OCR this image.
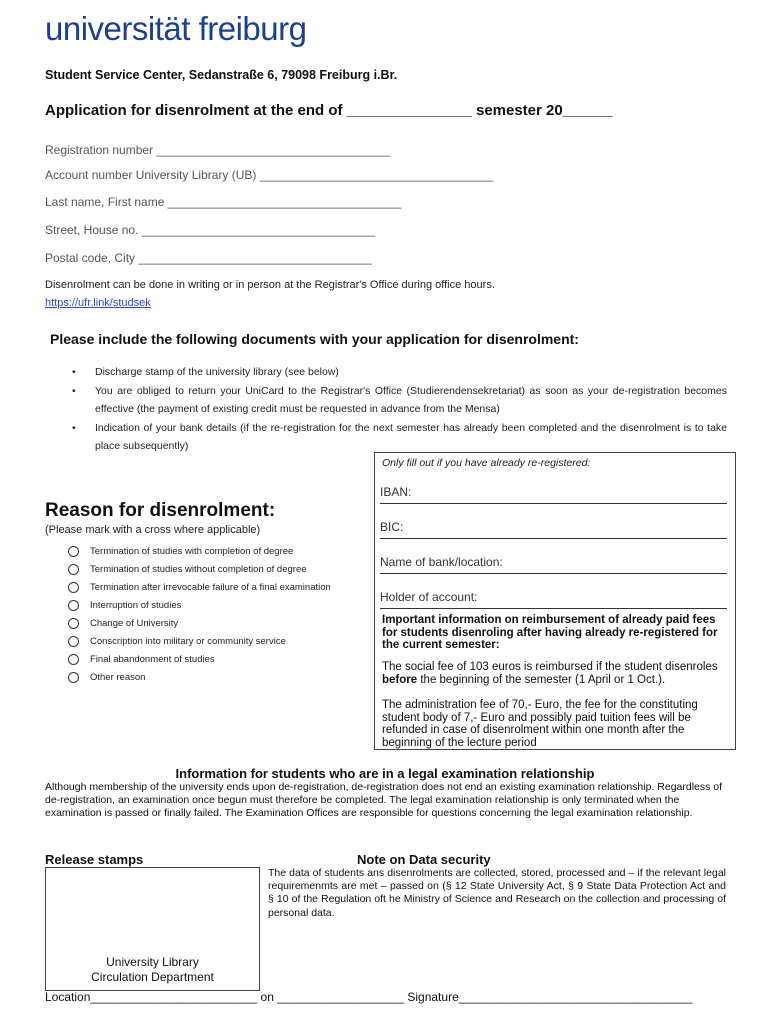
universität freiburg
Student Service Center, Sedanstraße 6, 79098 Freiburg i.Br.
Application for disenrolment at the end of _______________ semester 20______
Registration number ___________________________________
Account number University Library (UB) ___________________________________
Last name, First name ___________________________________
Street, House no. ___________________________________
Postal code, City ___________________________________
Disenrolment can be done in writing or in person at the Registrar's Office during office hours.
https://ufr.link/studsek
Please include the following documents with your application for disenrolment:
• Discharge stamp of the university library (see below)
• You are obliged to return your UniCard to the Registrar's Office (Studierendensekretariat) as soon as your de-registration becomes effective (the payment of existing credit must be requested in advance from the Mensa)
• Indication of your bank details (if the re-registration for the next semester has already been completed and the disenrolment is to take place subsequently)
Only fill out if you have already re-registered:
IBAN:
BIC:
Name of bank/location:
Holder of account:
Important information on reimbursement of already paid fees for students disenroling after having already re-registered for the current semester:
The social fee of 103 euros is reimbursed if the student disenroles before the beginning of the semester (1 April or 1 Oct.).
The administration fee of 70,- Euro, the fee for the constituting student body of 7,- Euro and possibly paid tuition fees will be refunded in case of disenrolment within one month after the beginning of the lecture period
Reason for disenrolment:
(Please mark with a cross where applicable)
Termination of studies with completion of degree
Termination of studies without completion of degree
Termination after irrevocable failure of a final examination
Interruption of studies
Change of University
Conscription into military or community service
Final abandonment of studies
Other reason
Information for students who are in a legal examination relationship
Although membership of the university ends upon de-registration, de-registration does not end an existing examination relationship. Regardless of de-registration, an examination once begun must therefore be completed. The legal examination relationship is only terminated when the examination is passed or finally failed. The Examination Offices are responsible for questions concerning the legal examination relationship.
Release stamps	Note on Data security
The data of students ans disenrolments are collected, stored, processed and – if the relevant legal requiremenmts are met – passed on (§ 12 State University Act, § 9 State Data Protection Act and § 10 of the Regulation oft he Ministry of Science and Research on the collection and processing of personal data.
University Library
Circulation Department
Location_________________________ on ___________________ Signature___________________________________
